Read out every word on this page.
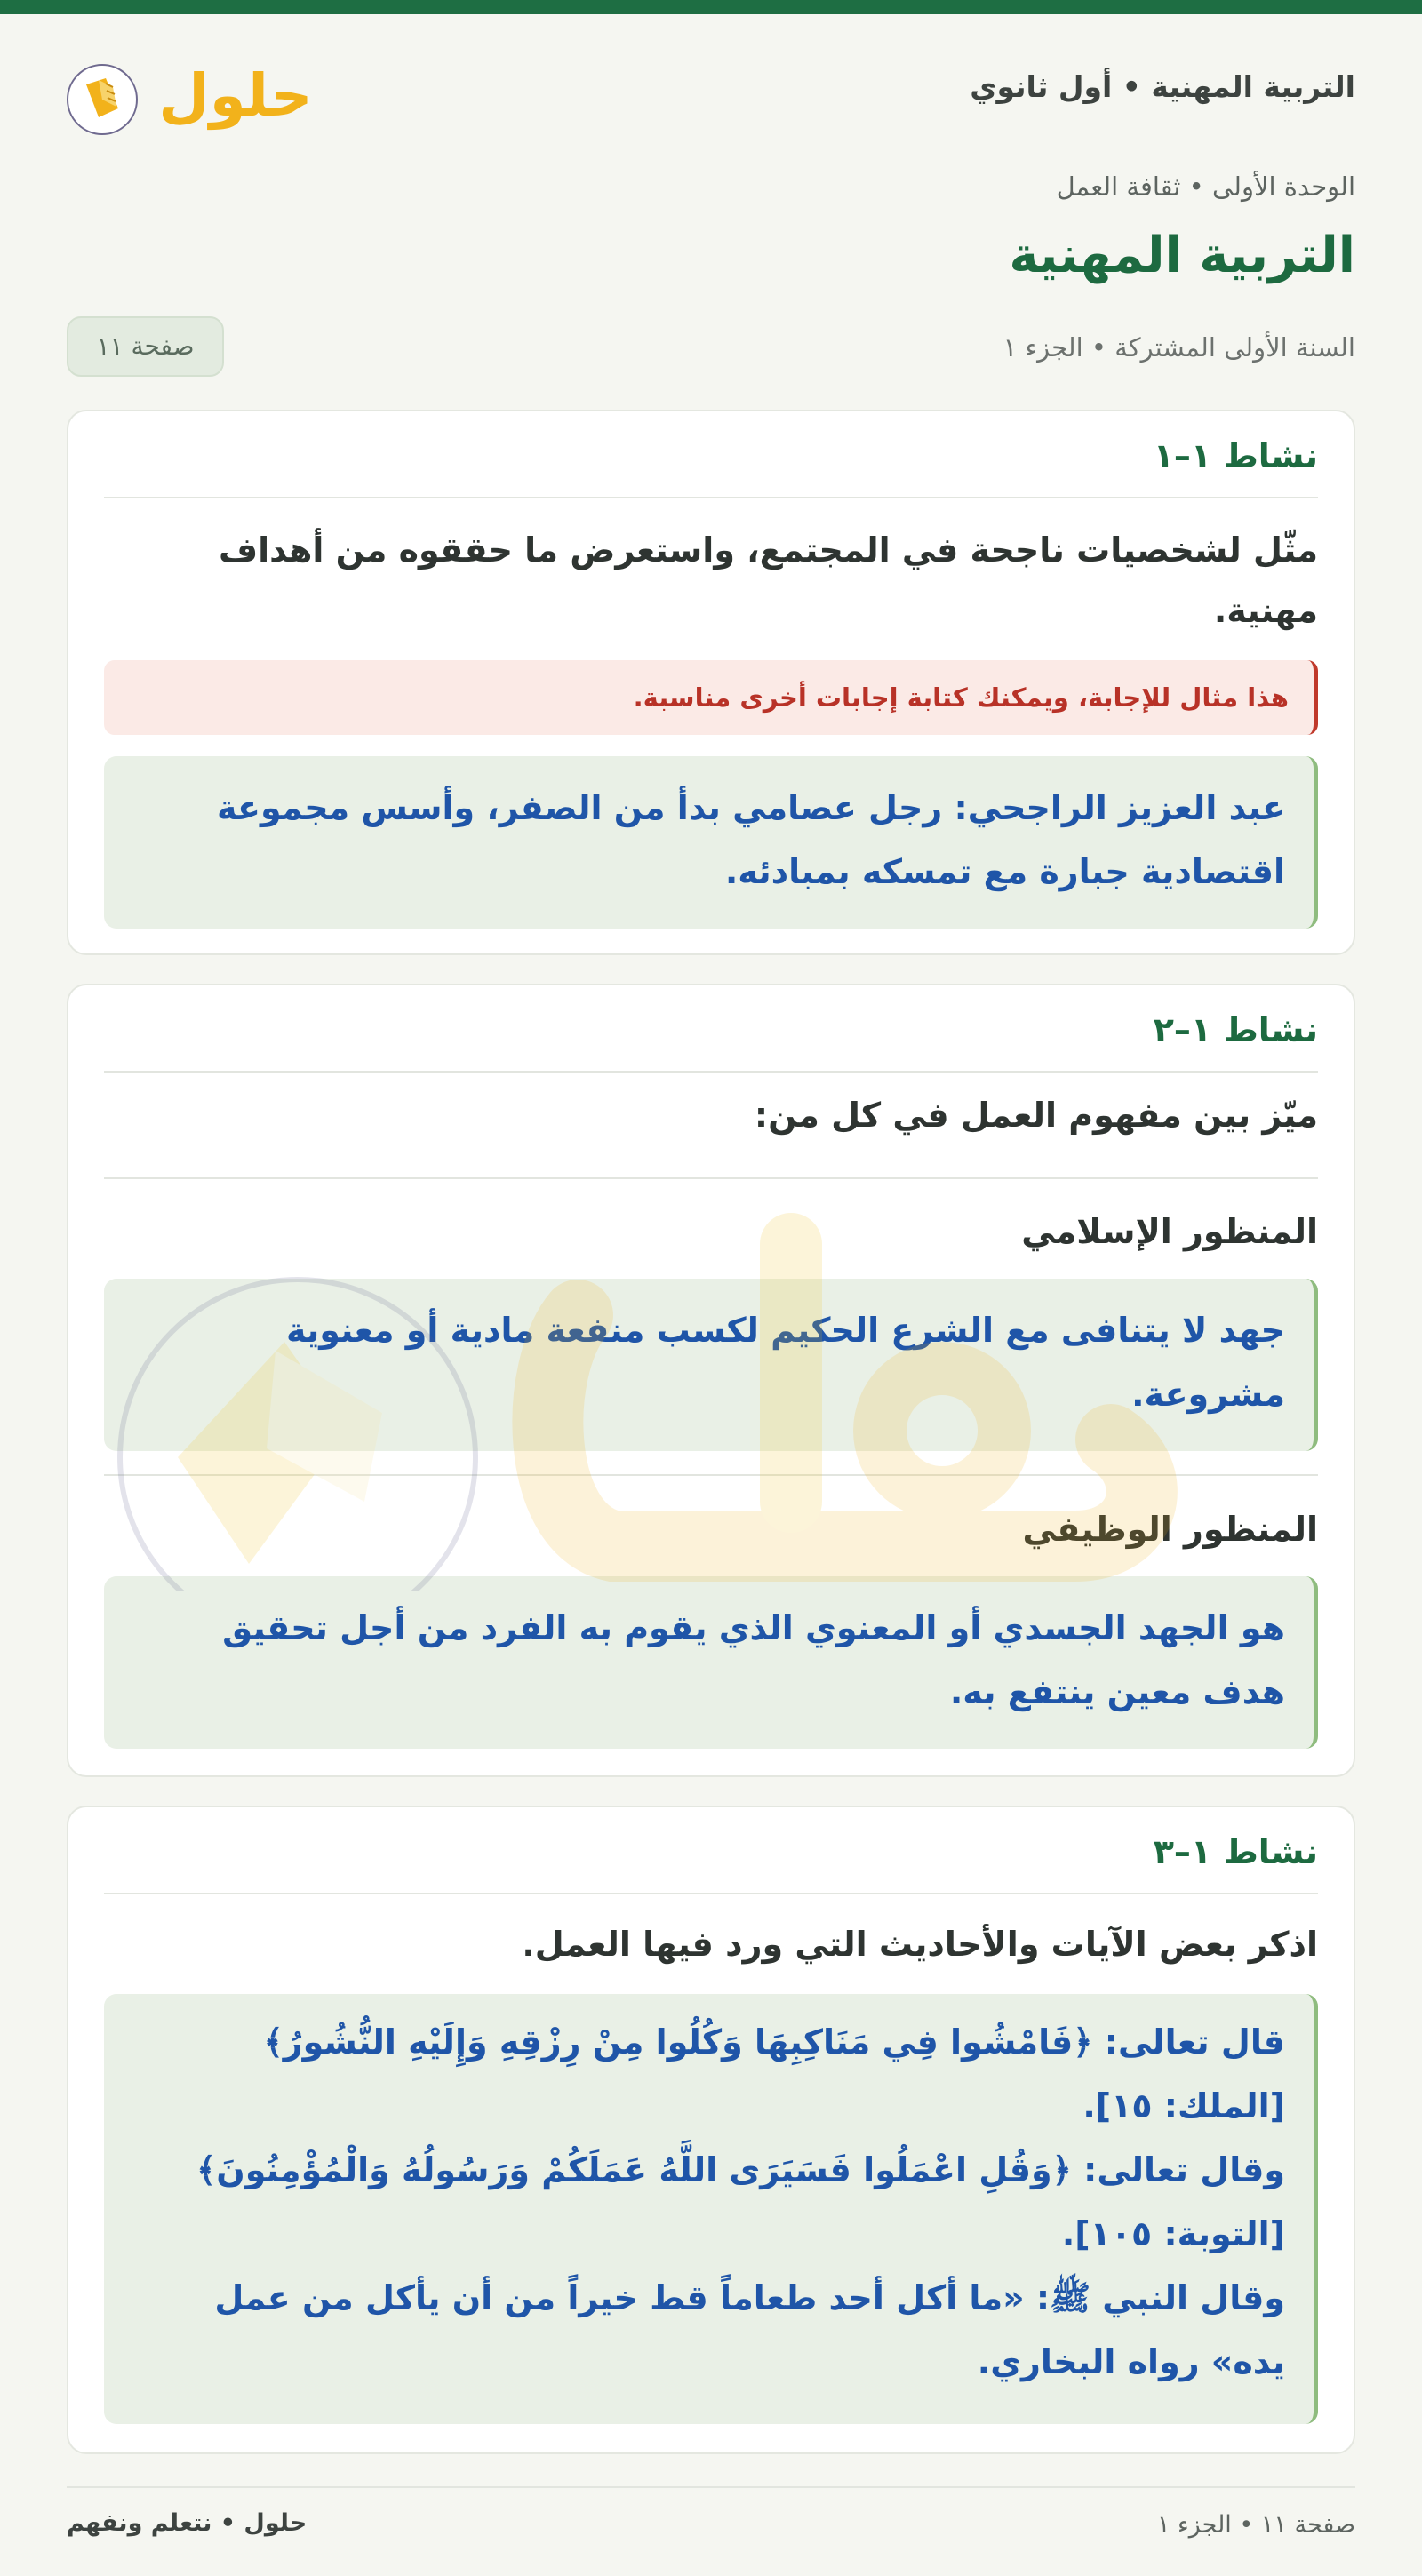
التربية المهنية • أول ثانوي
حلول
الوحدة الأولى • ثقافة العمل
التربية المهنية
السنة الأولى المشتركة • الجزء ١
صفحة ١١
نشاط ١–١
مثّل لشخصيات ناجحة في المجتمع، واستعرض ما حققوه من أهداف مهنية.
هذا مثال للإجابة، ويمكنك كتابة إجابات أخرى مناسبة.
عبد العزيز الراجحي: رجل عصامي بدأ من الصفر، وأسس مجموعة اقتصادية جبارة مع تمسكه بمبادئه.
نشاط ١–٢
ميّز بين مفهوم العمل في كل من:
المنظور الإسلامي
جهد لا يتنافى مع الشرع الحكيم لكسب منفعة مادية أو معنوية مشروعة.
المنظور الوظيفي
هو الجهد الجسدي أو المعنوي الذي يقوم به الفرد من أجل تحقيق هدف معين ينتفع به.
نشاط ١–٣
اذكر بعض الآيات والأحاديث التي ورد فيها العمل.
قال تعالى: ﴿فَامْشُوا فِي مَنَاكِبِهَا وَكُلُوا مِنْ رِزْقِهِ وَإِلَيْهِ النُّشُورُ﴾ [الملك: ١٥].
وقال تعالى: ﴿وَقُلِ اعْمَلُوا فَسَيَرَى اللَّهُ عَمَلَكُمْ وَرَسُولُهُ وَالْمُؤْمِنُونَ﴾ [التوبة: ١٠٥].
وقال النبي ﷺ: «ما أكل أحد طعاماً قط خيراً من أن يأكل من عمل يده» رواه البخاري.
صفحة ١١ • الجزء ١
حلول • نتعلم ونفهم
